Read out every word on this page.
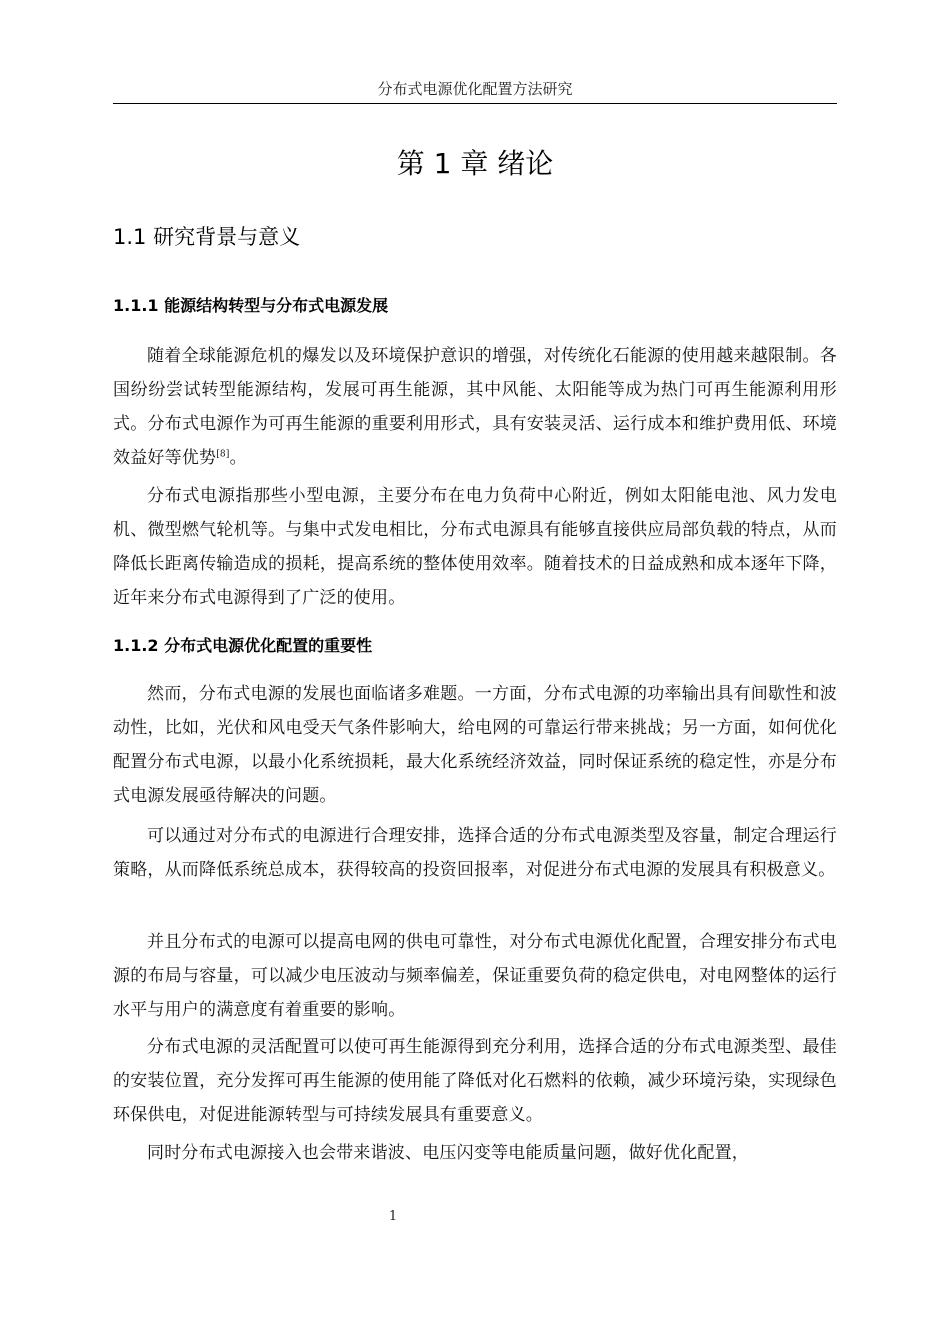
分布式电源优化配置方法研究
第 1 章 绪论
1.1 研究背景与意义
1.1.1 能源结构转型与分布式电源发展

随着全球能源危机的爆发以及环境保护意识的增强，对传统化石能源的使用越来越限制。各国纷纷尝试转型能源结构，发展可再生能源，其中风能、太阳能等成为热门可再生能源利用形式。分布式电源作为可再生能源的重要利用形式，具有安装灵活、运行成本和维护费用低、环境效益好等优势[8]。

分布式电源指那些小型电源，主要分布在电力负荷中心附近，例如太阳能电池、风力发电机、微型燃气轮机等。与集中式发电相比，分布式电源具有能够直接供应局部负载的特点，从而降低长距离传输造成的损耗，提高系统的整体使用效率。随着技术的日益成熟和成本逐年下降，近年来分布式电源得到了广泛的使用。

1.1.2 分布式电源优化配置的重要性

然而，分布式电源的发展也面临诸多难题。一方面，分布式电源的功率输出具有间歇性和波动性，比如，光伏和风电受天气条件影响大，给电网的可靠运行带来挑战；另一方面，如何优化配置分布式电源，以最小化系统损耗，最大化系统经济效益，同时保证系统的稳定性，亦是分布式电源发展亟待解决的问题。

可以通过对分布式的电源进行合理安排，选择合适的分布式电源类型及容量，制定合理运行策略，从而降低系统总成本，获得较高的投资回报率，对促进分布式电源的发展具有积极意义。

并且分布式的电源可以提高电网的供电可靠性，对分布式电源优化配置，合理安排分布式电源的布局与容量，可以减少电压波动与频率偏差，保证重要负荷的稳定供电，对电网整体的运行水平与用户的满意度有着重要的影响。

分布式电源的灵活配置可以使可再生能源得到充分利用，选择合适的分布式电源类型、最佳的安装位置，充分发挥可再生能源的使用能了降低对化石燃料的依赖，减少环境污染，实现绿色环保供电，对促进能源转型与可持续发展具有重要意义。

同时分布式电源接入也会带来谐波、电压闪变等电能质量问题，做好优化配置，

1
